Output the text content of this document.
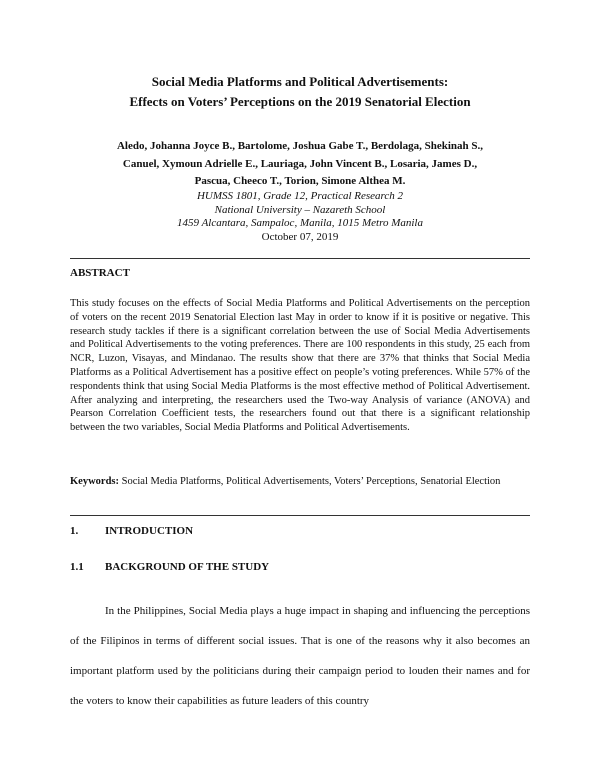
Social Media Platforms and Political Advertisements:
Effects on Voters’ Perceptions on the 2019 Senatorial Election
Aledo, Johanna Joyce B., Bartolome, Joshua Gabe T., Berdolaga, Shekinah S.,
Canuel, Xymoun Adrielle E., Lauriaga, John Vincent B., Losaria, James D.,
Pascua, Cheeco T., Torion, Simone Althea M.
HUMSS 1801, Grade 12, Practical Research 2
National University – Nazareth School
1459 Alcantara, Sampaloc, Manila, 1015 Metro Manila
October 07, 2019
ABSTRACT

This study focuses on the effects of Social Media Platforms and Political Advertisements on the perception of voters on the recent 2019 Senatorial Election last May in order to know if it is positive or negative. This research study tackles if there is a significant correlation between the use of Social Media Advertisements and Political Advertisements to the voting preferences. There are 100 respondents in this study, 25 each from NCR, Luzon, Visayas, and Mindanao. The results show that there are 37% that thinks that Social Media Platforms as a Political Advertisement has a positive effect on people’s voting preferences. While 57% of the respondents think that using Social Media Platforms is the most effective method of Political Advertisement. After analyzing and interpreting, the researchers used the Two-way Analysis of variance (ANOVA) and Pearson Correlation Coefficient tests, the researchers found out that there is a significant relationship between the two variables, Social Media Platforms and Political Advertisements.

Keywords: Social Media Platforms, Political Advertisements, Voters’ Perceptions, Senatorial Election

1. INTRODUCTION
1.1 BACKGROUND OF THE STUDY

In the Philippines, Social Media plays a huge impact in shaping and influencing the perceptions of the Filipinos in terms of different social issues. That is one of the reasons why it also becomes an important platform used by the politicians during their campaign period to louden their names and for the voters to know their capabilities as future leaders of this country
